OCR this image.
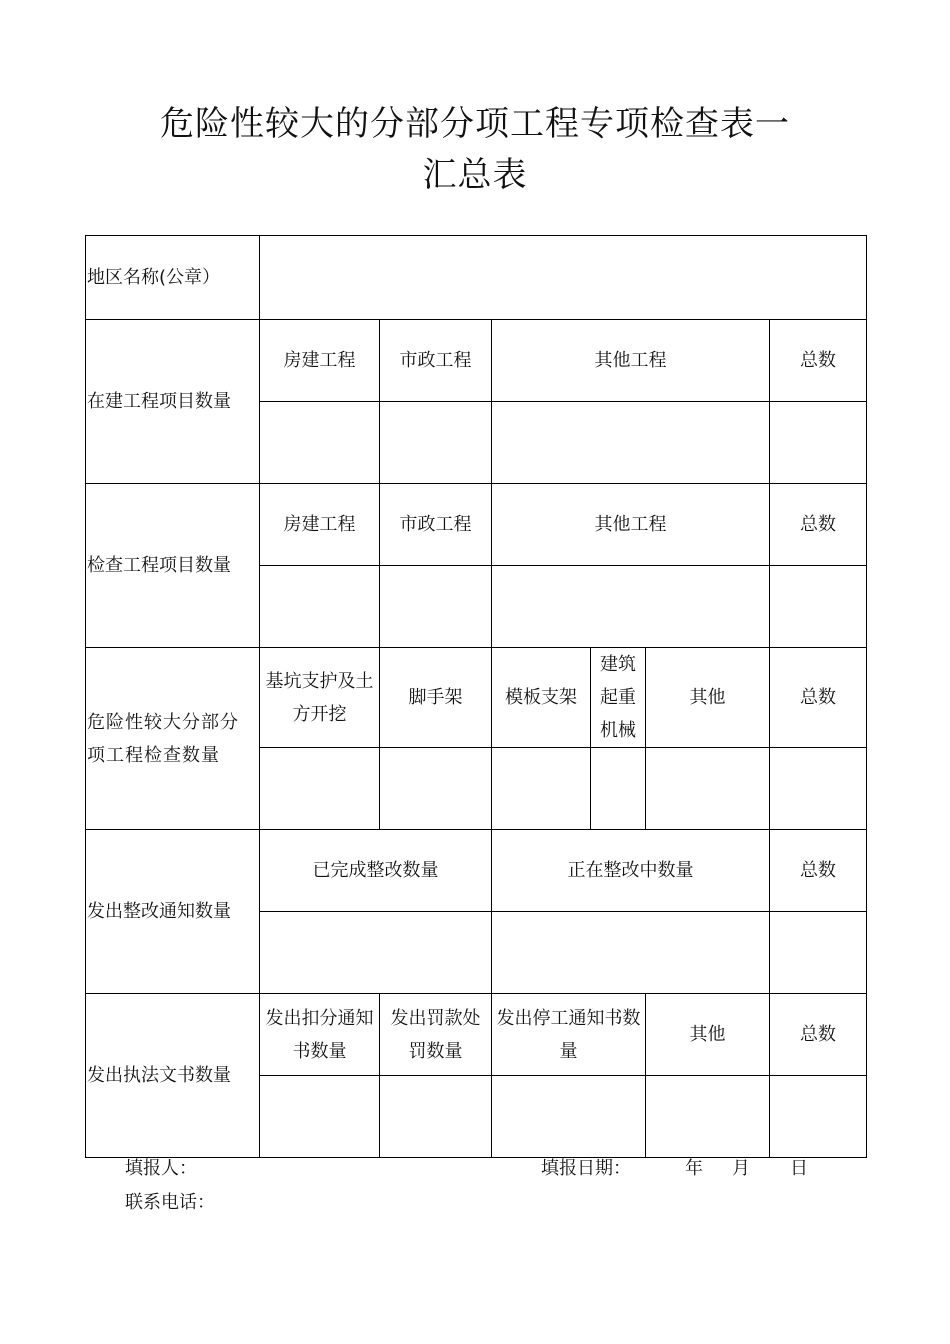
危险性较大的分部分项工程专项检查表一
汇总表
地区名称(公章）						
在建工程项目数量	房建工程	市政工程	其他工程			总数

检查工程项目数量	房建工程	市政工程	其他工程			总数

危险性较大分部分项工程检查数量	基坑支护及土方开挖	脚手架	模板支架	建筑起重机械	其他	总数

发出整改通知数量	已完成整改数量		正在整改中数量			总数

发出执法文书数量	发出扣分通知书数量	发出罚款处罚数量	发出停工通知书数量		其他	总数

填报人：	填报日期：	年 月 日
联系电话：
